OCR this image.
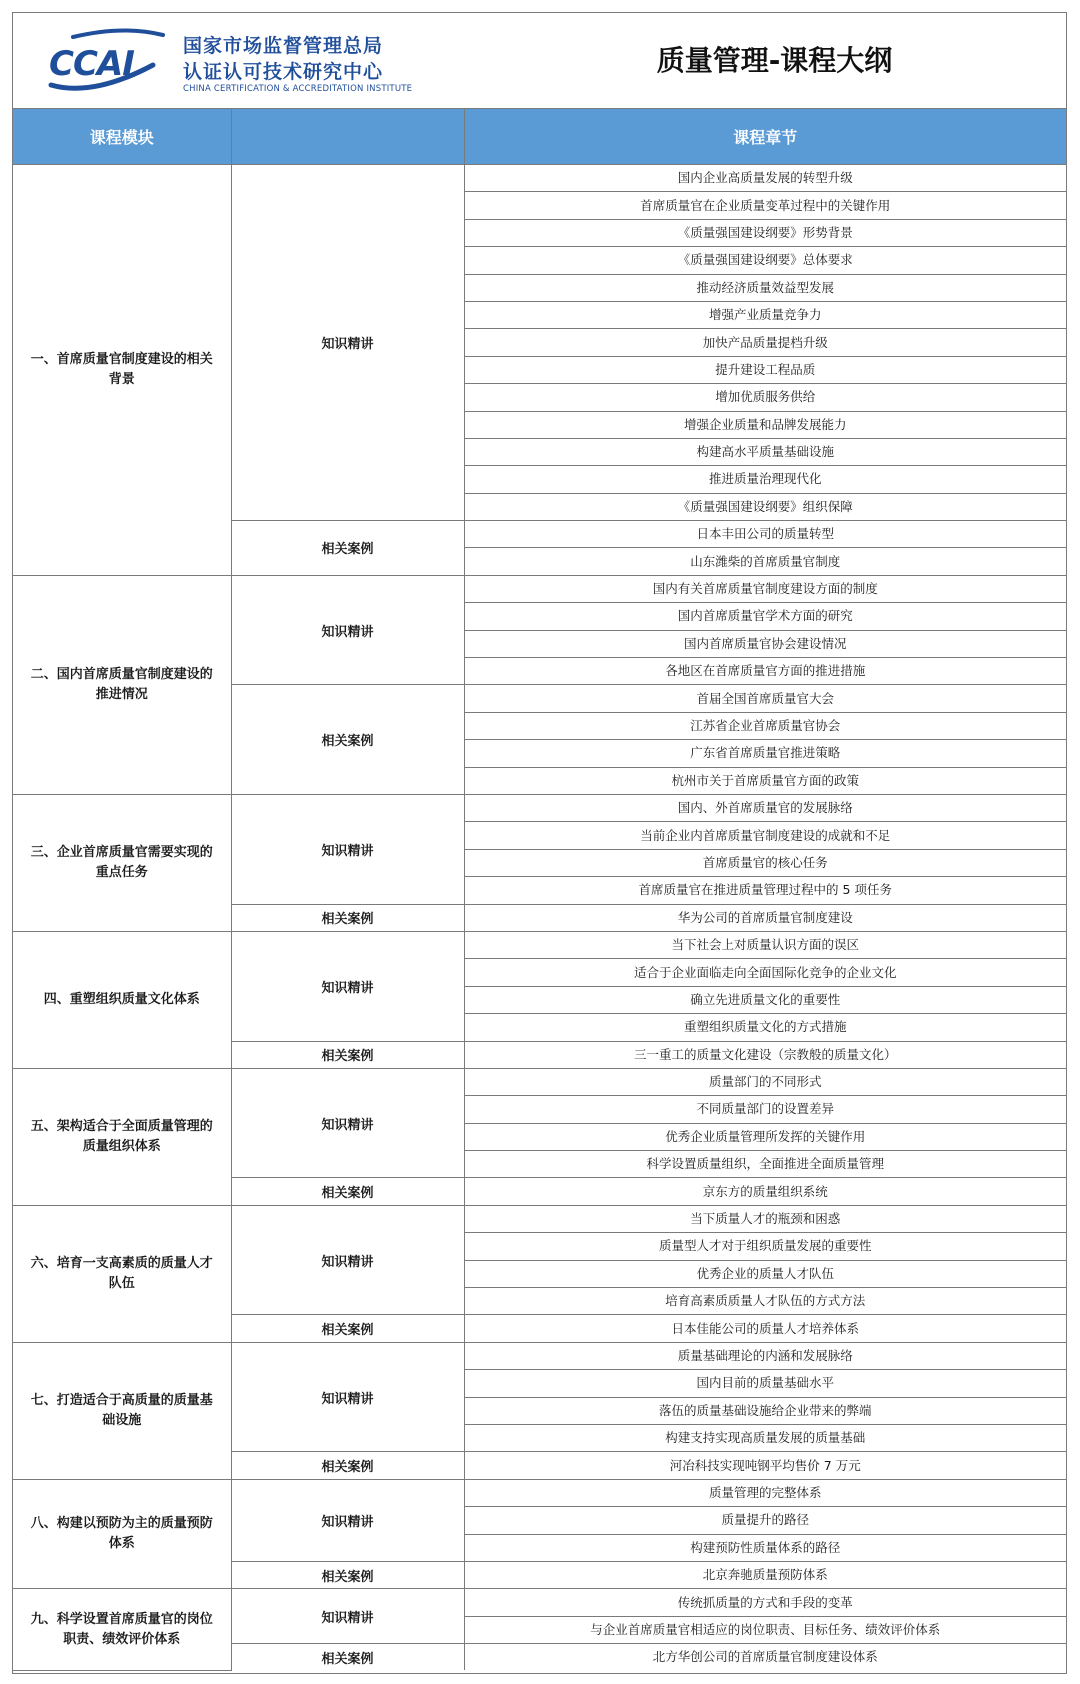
CCAI	国家市场监督管理总局
认证认可技术研究中心
CHINA CERTIFICATION & ACCREDITATION INSTITUTE
质量管理-课程大纲
课程模块		课程章节
一、首席质量官制度建设的相关背景	知识精讲	国内企业高质量发展的转型升级
		首席质量官在企业质量变革过程中的关键作用
		《质量强国建设纲要》形势背景
		《质量强国建设纲要》总体要求
		推动经济质量效益型发展
		增强产业质量竞争力
		加快产品质量提档升级
		提升建设工程品质
		增加优质服务供给
		增强企业质量和品牌发展能力
		构建高水平质量基础设施
		推进质量治理现代化
		《质量强国建设纲要》组织保障
	相关案例	日本丰田公司的质量转型
		山东潍柴的首席质量官制度
二、国内首席质量官制度建设的推进情况	知识精讲	国内有关首席质量官制度建设方面的制度
		国内首席质量官学术方面的研究
		国内首席质量官协会建设情况
		各地区在首席质量官方面的推进措施
	相关案例	首届全国首席质量官大会
		江苏省企业首席质量官协会
		广东省首席质量官推进策略
		杭州市关于首席质量官方面的政策
三、企业首席质量官需要实现的重点任务	知识精讲	国内、外首席质量官的发展脉络
		当前企业内首席质量官制度建设的成就和不足
		首席质量官的核心任务
		首席质量官在推进质量管理过程中的 5 项任务
	相关案例	华为公司的首席质量官制度建设
四、重塑组织质量文化体系	知识精讲	当下社会上对质量认识方面的误区
		适合于企业面临走向全面国际化竞争的企业文化
		确立先进质量文化的重要性
		重塑组织质量文化的方式措施
	相关案例	三一重工的质量文化建设（宗教般的质量文化）
五、架构适合于全面质量管理的质量组织体系	知识精讲	质量部门的不同形式
		不同质量部门的设置差异
		优秀企业质量管理所发挥的关键作用
		科学设置质量组织，全面推进全面质量管理
	相关案例	京东方的质量组织系统
六、培育一支高素质的质量人才队伍	知识精讲	当下质量人才的瓶颈和困惑
		质量型人才对于组织质量发展的重要性
		优秀企业的质量人才队伍
		培育高素质质量人才队伍的方式方法
	相关案例	日本佳能公司的质量人才培养体系
七、打造适合于高质量的质量基础设施	知识精讲	质量基础理论的内涵和发展脉络
		国内目前的质量基础水平
		落伍的质量基础设施给企业带来的弊端
		构建支持实现高质量发展的质量基础
	相关案例	河冶科技实现吨钢平均售价 7 万元
八、构建以预防为主的质量预防体系	知识精讲	质量管理的完整体系
		质量提升的路径
		构建预防性质量体系的路径
	相关案例	北京奔驰质量预防体系
九、科学设置首席质量官的岗位职责、绩效评价体系	知识精讲	传统抓质量的方式和手段的变革
		与企业首席质量官相适应的岗位职责、目标任务、绩效评价体系
	相关案例	北方华创公司的首席质量官制度建设体系
